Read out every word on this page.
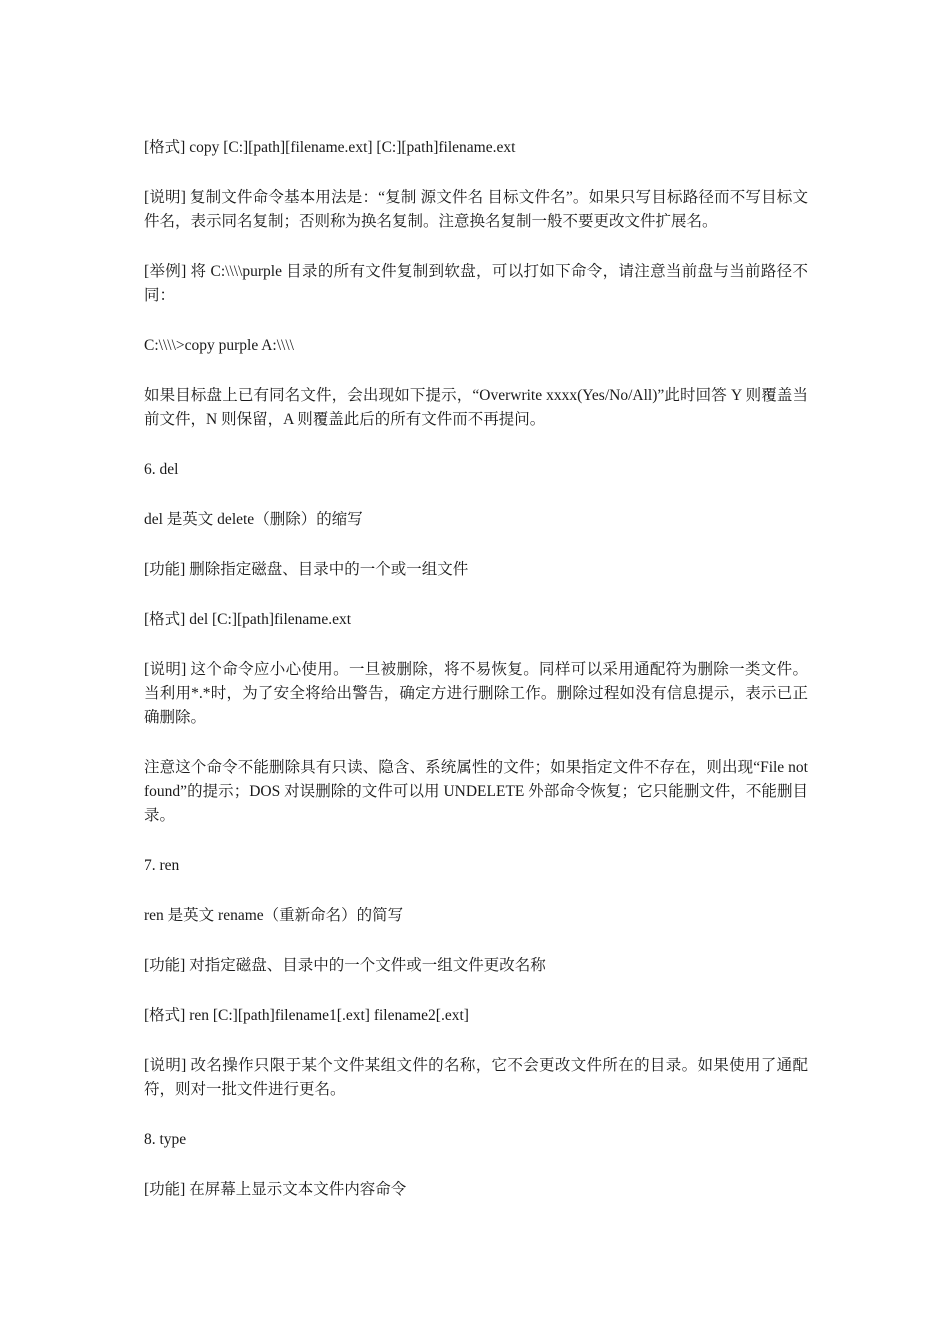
[格式] copy [C:][path][filename.ext] [C:][path]filename.ext

[说明] 复制文件命令基本用法是：“复制 源文件名 目标文件名”。如果只写目标路径而不写目标文件名，表示同名复制；否则称为换名复制。注意换名复制一般不要更改文件扩展名。

[举例] 将 C:\\\\purple 目录的所有文件复制到软盘，可以打如下命令，请注意当前盘与当前路径不同：

C:\\\\>copy purple A:\\\\

如果目标盘上已有同名文件，会出现如下提示，“Overwrite xxxx(Yes/No/All)”此时回答 Y 则覆盖当前文件，N 则保留，A 则覆盖此后的所有文件而不再提问。

6. del

del 是英文 delete（删除）的缩写

[功能] 删除指定磁盘、目录中的一个或一组文件

[格式] del [C:][path]filename.ext

[说明] 这个命令应小心使用。一旦被删除，将不易恢复。同样可以采用通配符为删除一类文件。当利用*.*时，为了安全将给出警告，确定方进行删除工作。删除过程如没有信息提示，表示已正确删除。

注意这个命令不能删除具有只读、隐含、系统属性的文件；如果指定文件不存在，则出现“File not found”的提示；DOS 对误删除的文件可以用 UNDELETE 外部命令恢复；它只能删文件，不能删目录。

7. ren

ren 是英文 rename（重新命名）的简写

[功能] 对指定磁盘、目录中的一个文件或一组文件更改名称

[格式] ren [C:][path]filename1[.ext] filename2[.ext]

[说明] 改名操作只限于某个文件某组文件的名称，它不会更改文件所在的目录。如果使用了通配符，则对一批文件进行更名。

8. type

[功能] 在屏幕上显示文本文件内容命令
